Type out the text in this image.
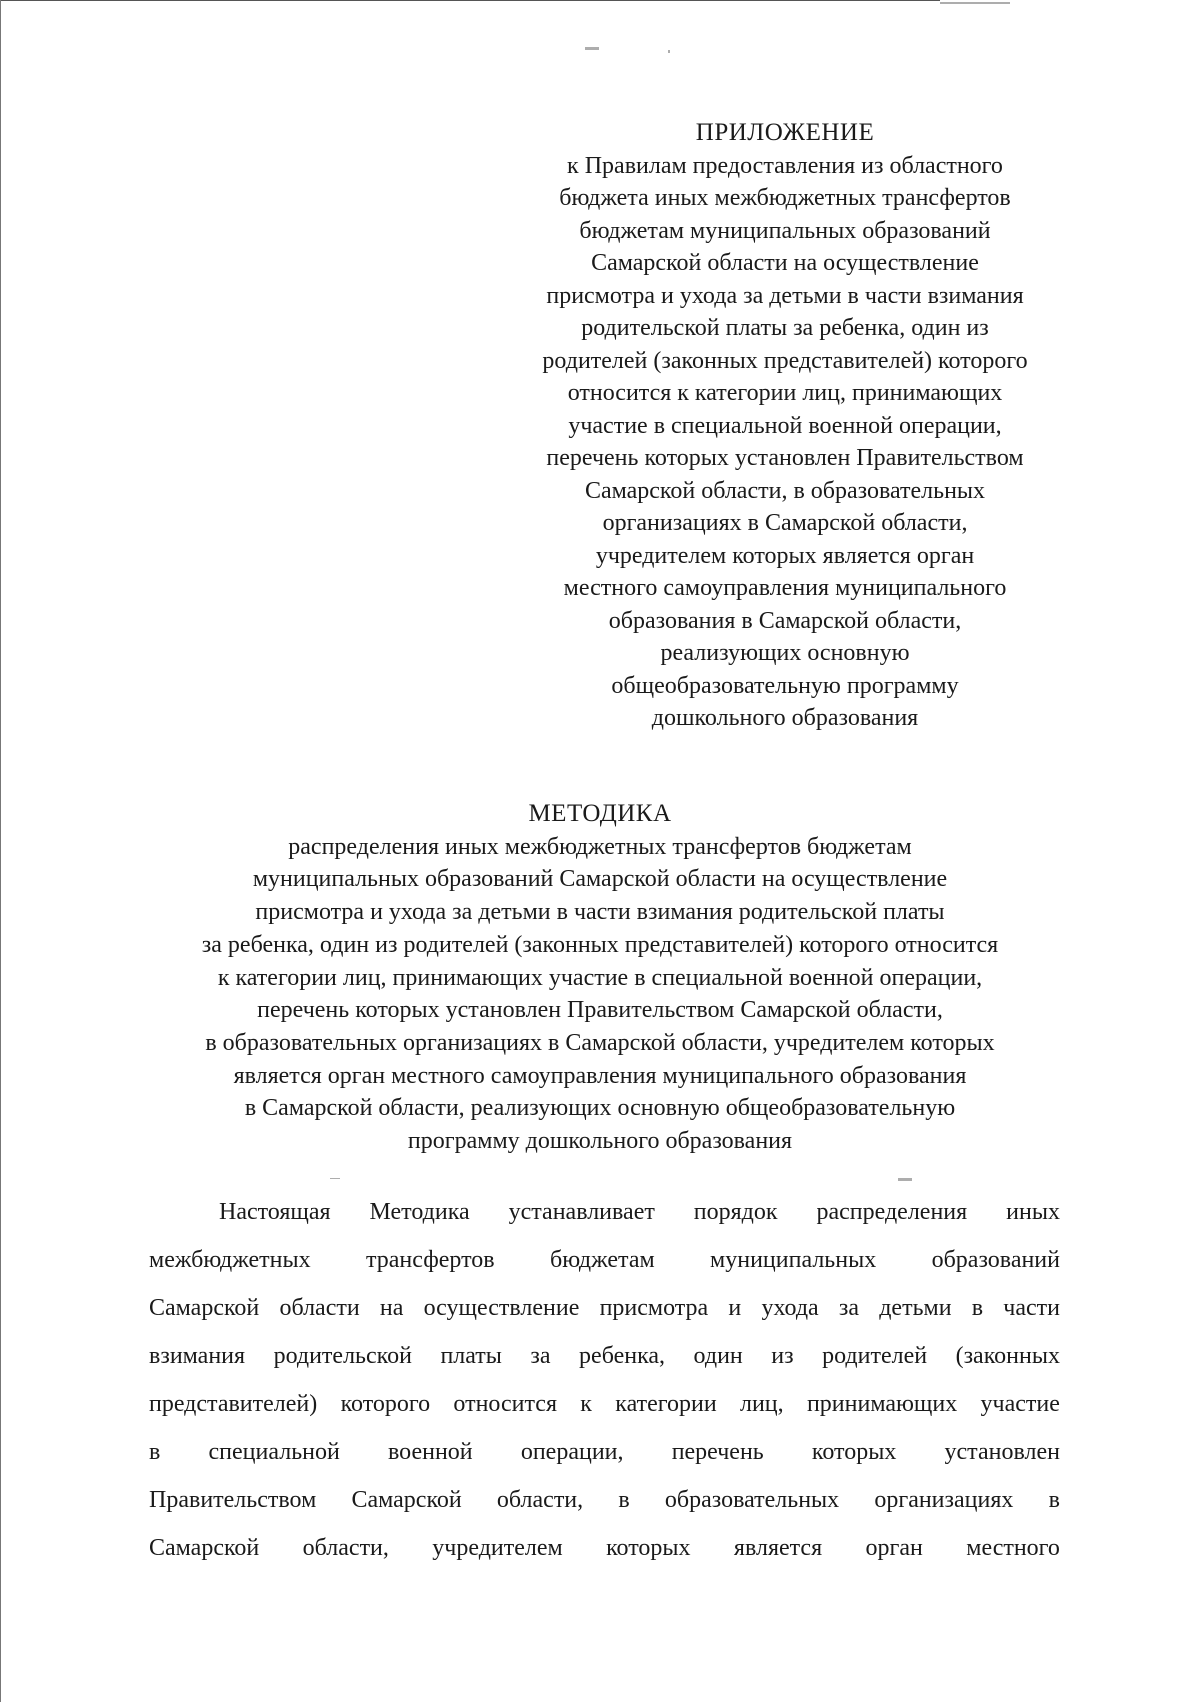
ПРИЛОЖЕНИЕ
к Правилам предоставления из областного
бюджета иных межбюджетных трансфертов
бюджетам муниципальных образований
Самарской области на осуществление
присмотра и ухода за детьми в части взимания
родительской платы за ребенка, один из
родителей (законных представителей) которого
относится к категории лиц, принимающих
участие в специальной военной операции,
перечень которых установлен Правительством
Самарской области, в образовательных
организациях в Самарской области,
учредителем которых является орган
местного самоуправления муниципального
образования в Самарской области,
реализующих основную
общеобразовательную программу
дошкольного образования
МЕТОДИКА
распределения иных межбюджетных трансфертов бюджетам
муниципальных образований Самарской области на осуществление
присмотра и ухода за детьми в части взимания родительской платы
за ребенка, один из родителей (законных представителей) которого относится
к категории лиц, принимающих участие в специальной военной операции,
перечень которых установлен Правительством Самарской области,
в образовательных организациях в Самарской области, учредителем которых
является орган местного самоуправления муниципального образования
в Самарской области, реализующих основную общеобразовательную
программу дошкольного образования
Настоящая Методика устанавливает порядок распределения иных
межбюджетных трансфертов бюджетам муниципальных образований
Самарской области на осуществление присмотра и ухода за детьми в части
взимания родительской платы за ребенка, один из родителей (законных
представителей) которого относится к категории лиц, принимающих участие
в специальной военной операции, перечень которых установлен
Правительством Самарской области, в образовательных организациях в
Самарской области, учредителем которых является орган местного
